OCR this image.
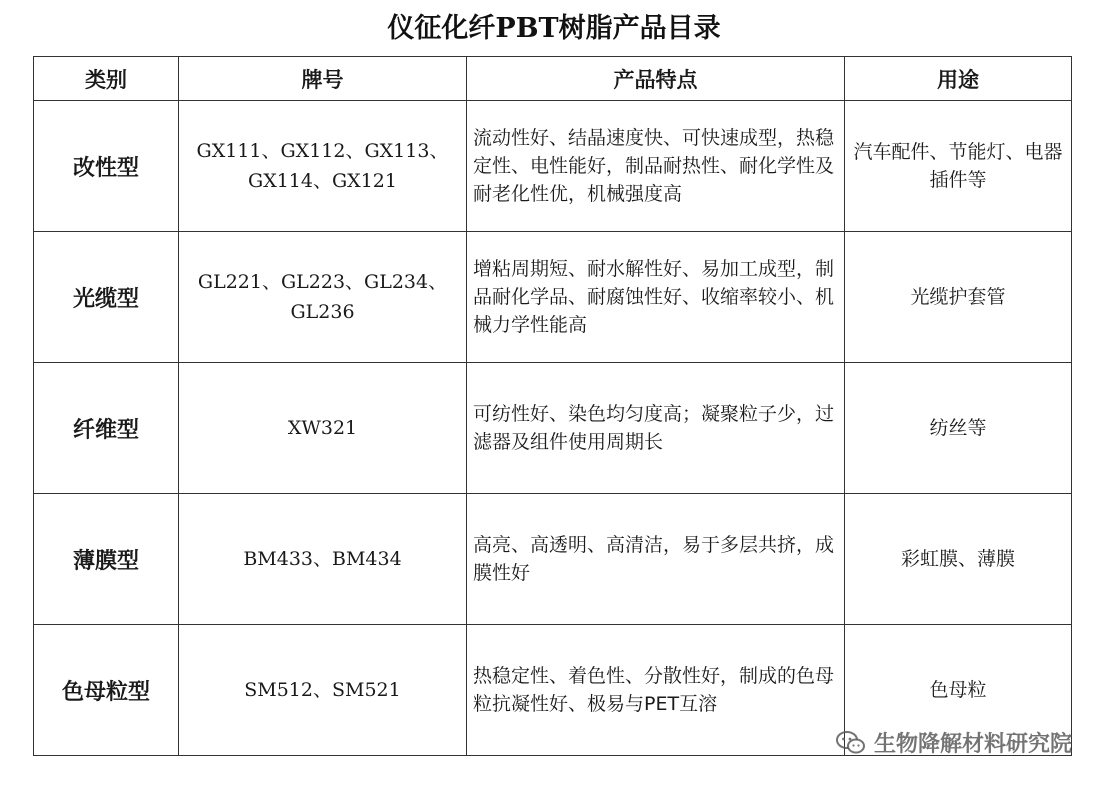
仪征化纤PBT树脂产品目录
类别	牌号	产品特点	用途
改性型	GX111、GX112、GX113、GX114、GX121	流动性好、结晶速度快、可快速成型，热稳定性、电性能好，制品耐热性、耐化学性及耐老化性优，机械强度高	汽车配件、节能灯、电器插件等
光缆型	GL221、GL223、GL234、GL236	增粘周期短、耐水解性好、易加工成型，制品耐化学品、耐腐蚀性好、收缩率较小、机械力学性能高	光缆护套管
纤维型	XW321	可纺性好、染色均匀度高；凝聚粒子少，过滤器及组件使用周期长	纺丝等
薄膜型	BM433、BM434	高亮、高透明、高清洁，易于多层共挤，成膜性好	彩虹膜、薄膜
色母粒型	SM512、SM521	热稳定性、着色性、分散性好，制成的色母粒抗凝性好、极易与PET互溶	色母粒
生物降解材料研究院
